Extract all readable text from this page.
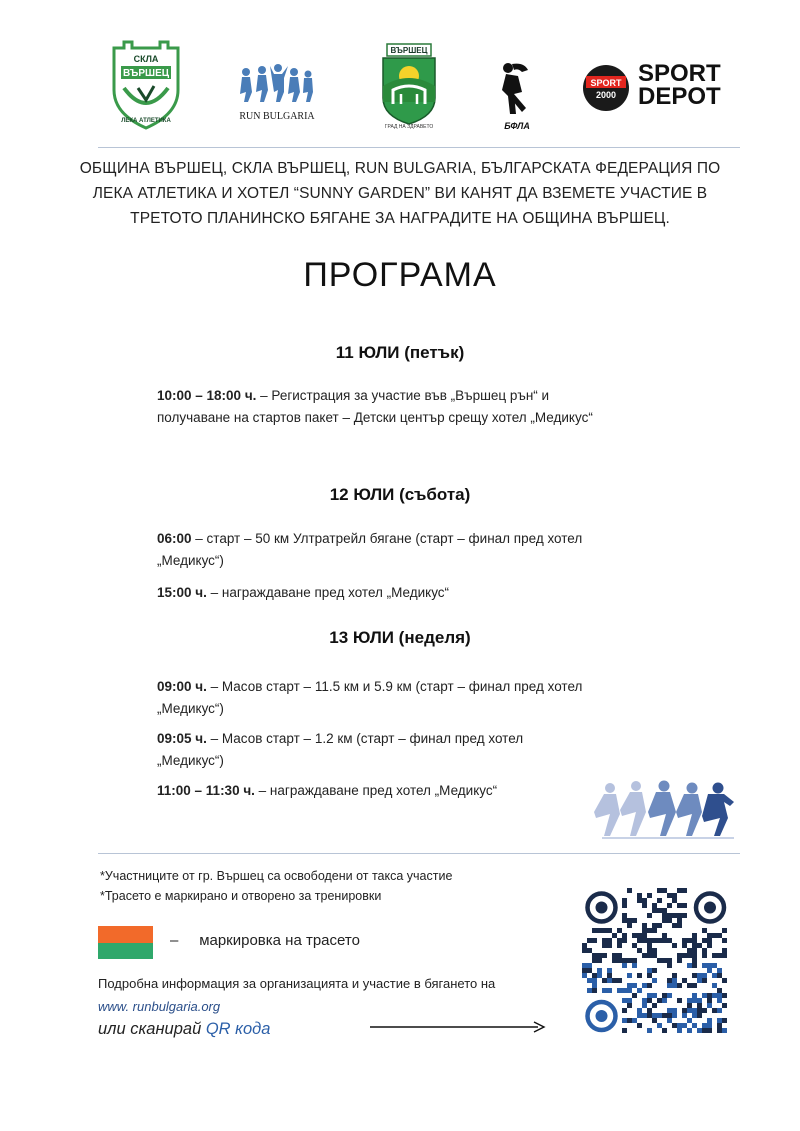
СКЛА
ВЪРШЕЦ
ЛЕКА АТЛЕТИКА	RUN BULGARIA
ВЪРШЕЦ
ГРАД НА ЗДРАВЕТО	БФЛА
SPORT
2000
SPORT
DEPOT
ОБЩИНА ВЪРШЕЦ, СКЛА ВЪРШЕЦ, RUN BULGARIA, БЪЛГАРСКАТА ФЕДЕРАЦИЯ ПО
ЛЕКА АТЛЕТИКА И ХОТЕЛ “SUNNY GARDEN” ВИ КАНЯТ ДА ВЗЕМЕТЕ УЧАСТИЕ В
ТРЕТОТО ПЛАНИНСКО БЯГАНЕ ЗА НАГРАДИТЕ НА ОБЩИНА ВЪРШЕЦ.
ПРОГРАМА
11 ЮЛИ (петък)
10:00 – 18:00 ч. – Регистрация за участие във „Вършец рън“ и
получаване на стартов пакет – Детски център срещу хотел „Медикус“
12 ЮЛИ (събота)
06:00 – старт – 50 км Ултратрейл бягане (старт – финал пред хотел
„Медикус“)
15:00 ч. – награждаване пред хотел „Медикус“
13 ЮЛИ (неделя)
09:00 ч. – Масов старт – 11.5 км и 5.9 км (старт – финал пред хотел
„Медикус“)
09:05 ч. – Масов старт – 1.2 км (старт – финал пред хотел
„Медикус“)
11:00 – 11:30 ч. – награждаване пред хотел „Медикус“
*Участниците от гр. Вършец са освободени от такса участие
*Трасето е маркирано и отворено за тренировки
– маркировка на трасето
Подробна информация за организацията и участие в бягането на
www. runbulgaria.org
или сканирай QR кода
